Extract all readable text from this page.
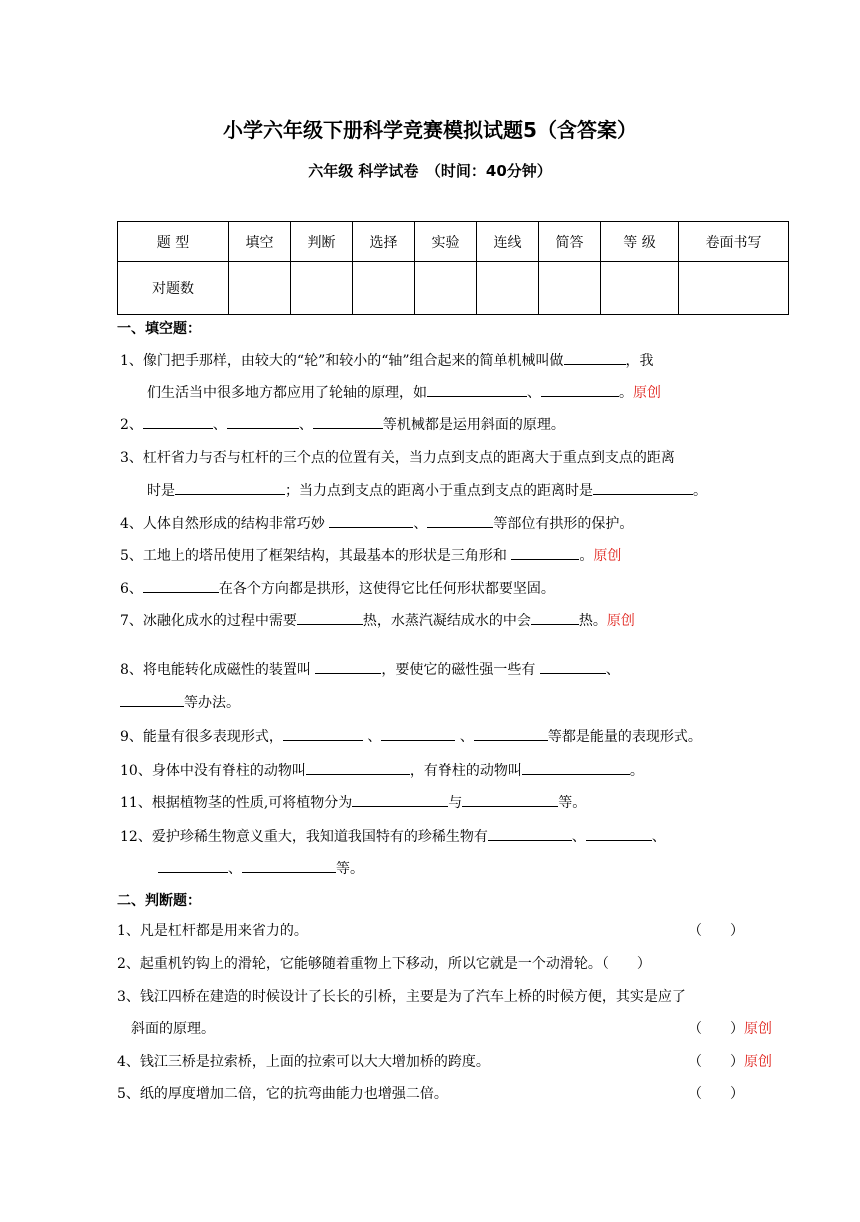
小学六年级下册科学竞赛模拟试题5（含答案）
六年级 科学试卷　（时间：40分钟）
题 型	填空	判断	选择	实验	连线	简答	等 级	卷面书写
对题数								
一、填空题：
1、像门把手那样，由较大的“轮”和较小的“轴”组合起来的简单机械叫做	，我
们生活当中很多地方都应用了轮轴的原理，如	、	。原创
2、	、	、	等机械都是运用斜面的原理。
3、杠杆省力与否与杠杆的三个点的位置有关，当力点到支点的距离大于重点到支点的距离
时是	；当力点到支点的距离小于重点到支点的距离时是	。
4、人体自然形成的结构非常巧妙	、	等部位有拱形的保护。
5、工地上的塔吊使用了框架结构，其最基本的形状是三角形和	。原创
6、	在各个方向都是拱形，这使得它比任何形状都要坚固。
7、冰融化成水的过程中需要	热，水蒸汽凝结成水的中会	热。原创
8、将电能转化成磁性的装置叫	，要使它的磁性强一些有	、
等办法。
9、能量有很多表现形式，	、	、	等都是能量的表现形式。
10、身体中没有脊柱的动物叫	，有脊柱的动物叫	。
11、根据植物茎的性质,可将植物分为	与	等。
12、爱护珍稀生物意义重大，我知道我国特有的珍稀生物有	、	、
、	等。
二、判断题：
1、凡是杠杆都是用来省力的。	（　　）
2、起重机钓钩上的滑轮，它能够随着重物上下移动，所以它就是一个动滑轮。（　　）
3、钱江四桥在建造的时候设计了长长的引桥，主要是为了汽车上桥的时候方便，其实是应了
斜面的原理。	（　　）原创
4、钱江三桥是拉索桥，上面的拉索可以大大增加桥的跨度。	（　　）原创
5、纸的厚度增加二倍，它的抗弯曲能力也增强二倍。	（　　）
